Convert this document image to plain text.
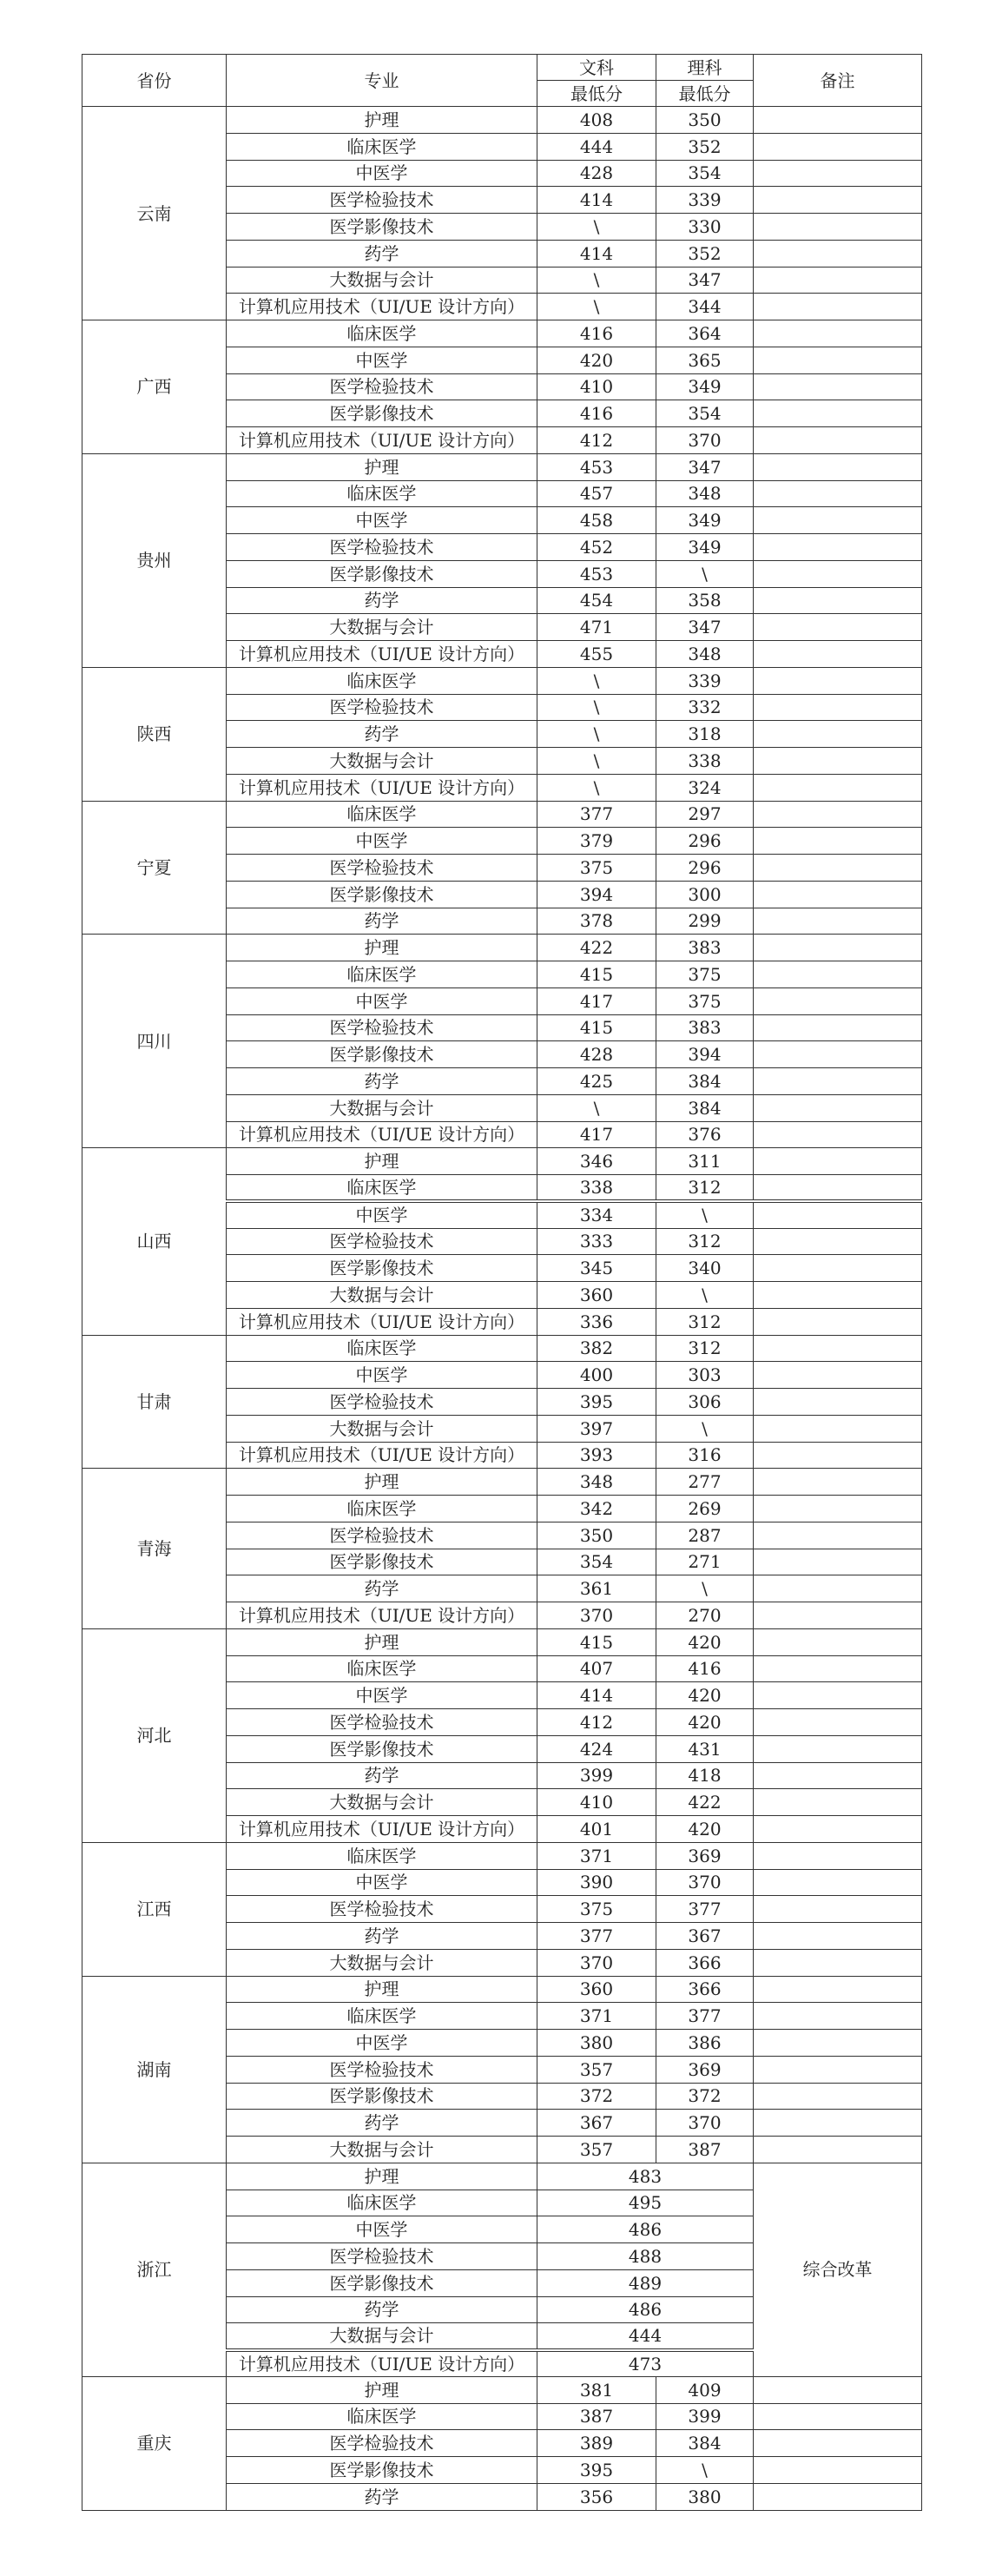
省份	专业	文科	理科	备注
		最低分	最低分	
云南	护理	408	350	
	临床医学	444	352	
	中医学	428	354	
	医学检验技术	414	339	
	医学影像技术	\	330	
	药学	414	352	
	大数据与会计	\	347	
	计算机应用技术（UI/UE 设计方向）	\	344	
广西	临床医学	416	364	
	中医学	420	365	
	医学检验技术	410	349	
	医学影像技术	416	354	
	计算机应用技术（UI/UE 设计方向）	412	370	
贵州	护理	453	347	
	临床医学	457	348	
	中医学	458	349	
	医学检验技术	452	349	
	医学影像技术	453	\	
	药学	454	358	
	大数据与会计	471	347	
	计算机应用技术（UI/UE 设计方向）	455	348	
陕西	临床医学	\	339	
	医学检验技术	\	332	
	药学	\	318	
	大数据与会计	\	338	
	计算机应用技术（UI/UE 设计方向）	\	324	
宁夏	临床医学	377	297	
	中医学	379	296	
	医学检验技术	375	296	
	医学影像技术	394	300	
	药学	378	299	
四川	护理	422	383	
	临床医学	415	375	
	中医学	417	375	
	医学检验技术	415	383	
	医学影像技术	428	394	
	药学	425	384	
	大数据与会计	\	384	
	计算机应用技术（UI/UE 设计方向）	417	376	
山西	护理	346	311	
	临床医学	338	312	
	中医学	334	\	
	医学检验技术	333	312	
	医学影像技术	345	340	
	大数据与会计	360	\	
	计算机应用技术（UI/UE 设计方向）	336	312	
甘肃	临床医学	382	312	
	中医学	400	303	
	医学检验技术	395	306	
	大数据与会计	397	\	
	计算机应用技术（UI/UE 设计方向）	393	316	
青海	护理	348	277	
	临床医学	342	269	
	医学检验技术	350	287	
	医学影像技术	354	271	
	药学	361	\	
	计算机应用技术（UI/UE 设计方向）	370	270	
河北	护理	415	420	
	临床医学	407	416	
	中医学	414	420	
	医学检验技术	412	420	
	医学影像技术	424	431	
	药学	399	418	
	大数据与会计	410	422	
	计算机应用技术（UI/UE 设计方向）	401	420	
江西	临床医学	371	369	
	中医学	390	370	
	医学检验技术	375	377	
	药学	377	367	
	大数据与会计	370	366	
湖南	护理	360	366	
	临床医学	371	377	
	中医学	380	386	
	医学检验技术	357	369	
	医学影像技术	372	372	
	药学	367	370	
	大数据与会计	357	387	
浙江	护理	483		综合改革
	临床医学	495		
	中医学	486		
	医学检验技术	488		
	医学影像技术	489		
	药学	486		
	大数据与会计	444		
	计算机应用技术（UI/UE 设计方向）	473		
重庆	护理	381	409	
	临床医学	387	399	
	医学检验技术	389	384	
	医学影像技术	395	\	
	药学	356	380	
